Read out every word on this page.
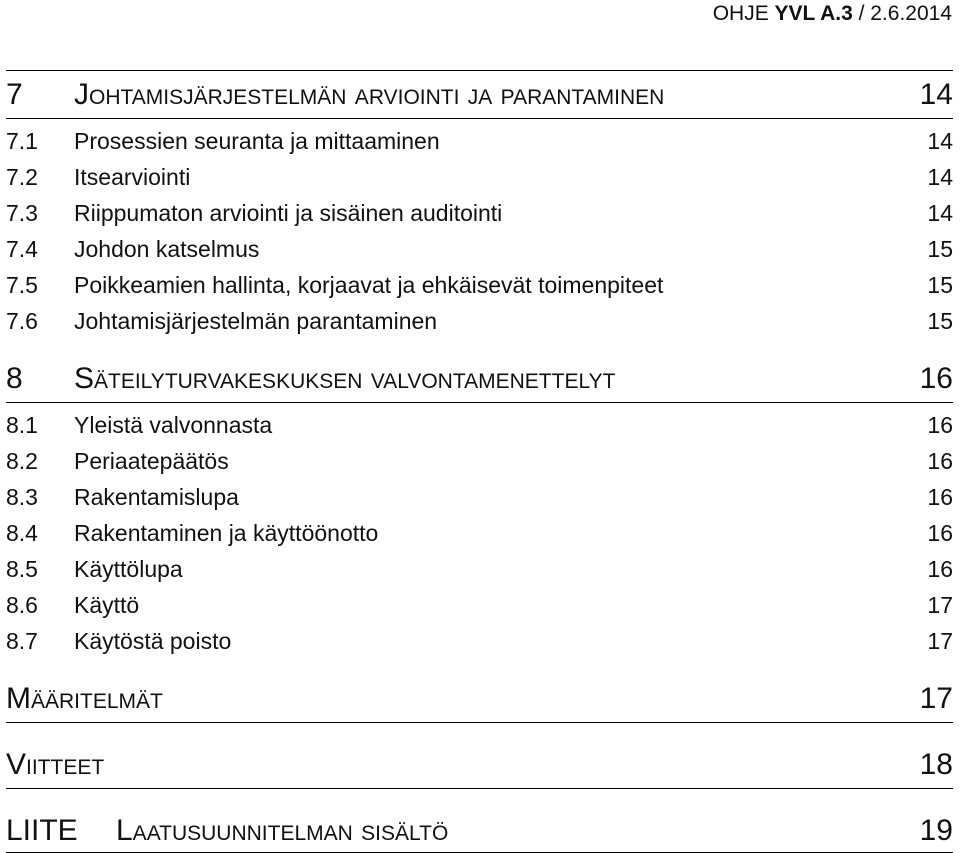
OHJE YVL A.3 / 2.6.2014
7	Johtamisjärjestelmän arviointi ja parantaminen	14
7.1	Prosessien seuranta ja mittaaminen	14
7.2	Itsearviointi	14
7.3	Riippumaton arviointi ja sisäinen auditointi	14
7.4	Johdon katselmus	15
7.5	Poikkeamien hallinta, korjaavat ja ehkäisevät toimenpiteet	15
7.6	Johtamisjärjestelmän parantaminen	15
8	Säteilyturvakeskuksen valvontamenettelyt	16
8.1	Yleistä valvonnasta	16
8.2	Periaatepäätös	16
8.3	Rakentamislupa	16
8.4	Rakentaminen ja käyttöönotto	16
8.5	Käyttölupa	16
8.6	Käyttö	17
8.7	Käytöstä poisto	17
Määritelmät	17
Viitteet	18
LIITE	Laatusuunnitelman sisältö	19
